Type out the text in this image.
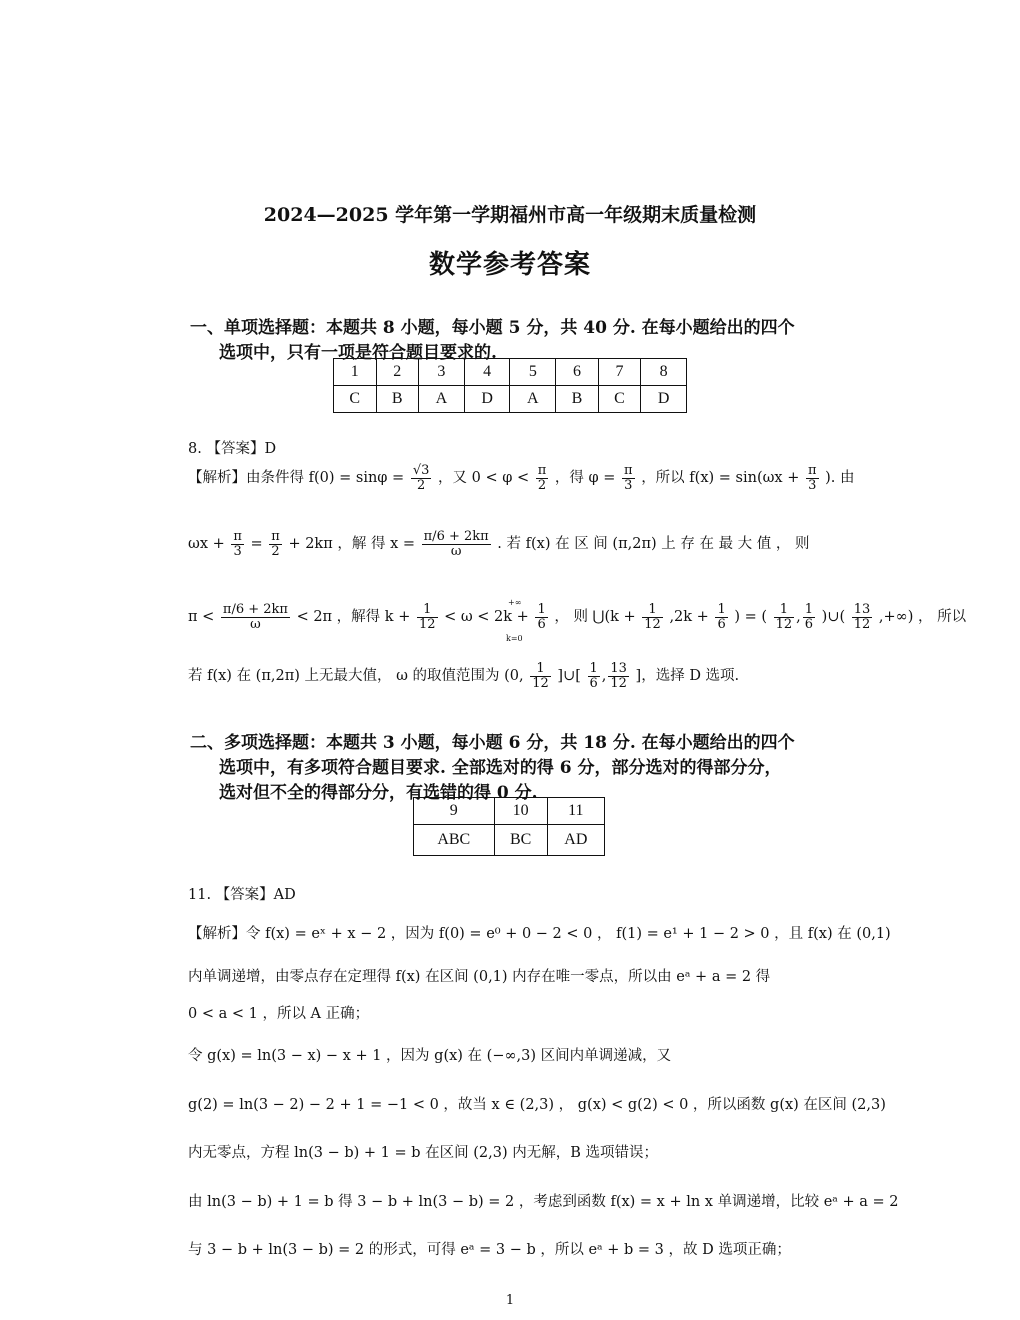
2024—2025 学年第一学期福州市高一年级期末质量检测
数学参考答案
一、单项选择题：本题共 8 小题，每小题 5 分，共 40 分. 在每小题给出的四个
选项中，只有一项是符合题目要求的.
1	2	3	4	5	6	7	8
C	B	A	D	A	B	C	D
8. 【答案】D
【解析】由条件得 $f(0) = \sin\varphi = \frac{√3}{2}$ ，又 $0 < \varphi < \frac{\pi}{2}$ ，得 $\varphi = \frac{\pi}{3}$ ，所以 $f(x) = \sin(\omega x + \frac{\pi}{3}$ ). 由
$\omega x + \frac{\pi}{3} = \frac{\pi}{2} + 2k\pi$ ，解 得 $x = \frac{\pi/6 + 2k\pi}{\omega}$ . 若 f(x) 在 区 间 (π,2π) 上 存 在 最 大 值 ， 则
$\pi < \frac{\pi/6 + 2k\pi}{\omega} < 2\pi$ ，解得 $k + \frac{1}{12} < \omega < 2k + \frac{1}{6}$ ， 则 ⋃(k + $\frac{1}{12} ,2k + \frac{1}{6}$ ) = ( $\frac{1}{12}$ , $\frac{1}{6}$ )∪( $\frac{13}{12}$ ,+∞) ， 所以
+∞
k=0
若 f(x) 在 (π,2π) 上无最大值， ω 的取值范围为 (0, $\frac{1}{12}$ ]∪[ $\frac{1}{6}$ , $\frac{13}{12}$ ]，选择 D 选项.
二、多项选择题：本题共 3 小题，每小题 6 分，共 18 分. 在每小题给出的四个
选项中，有多项符合题目要求. 全部选对的得 6 分，部分选对的得部分分，
选对但不全的得部分分，有选错的得 0 分.
9	10	11
ABC	BC	AD
11. 【答案】AD
【解析】令 f(x) = eˣ + x − 2 ，因为 f(0) = e⁰ + 0 − 2 < 0 ， f(1) = e¹ + 1 − 2 > 0 ，且 f(x) 在 (0,1)
内单调递增，由零点存在定理得 f(x) 在区间 (0,1) 内存在唯一零点，所以由 eᵃ + a = 2 得
0 < a < 1 ，所以 A 正确；
令 g(x) = ln(3 − x) − x + 1 ，因为 g(x) 在 (−∞,3) 区间内单调递减，又
g(2) = ln(3 − 2) − 2 + 1 = −1 < 0 ，故当 x ∈ (2,3) ， g(x) < g(2) < 0 ，所以函数 g(x) 在区间 (2,3)
内无零点，方程 ln(3 − b) + 1 = b 在区间 (2,3) 内无解，B 选项错误；
由 ln(3 − b) + 1 = b 得 3 − b + ln(3 − b) = 2 ，考虑到函数 f(x) = x + ln x 单调递增，比较 eᵃ + a = 2
与 3 − b + ln(3 − b) = 2 的形式，可得 eᵃ = 3 − b ，所以 eᵃ + b = 3 ，故 D 选项正确；
1
